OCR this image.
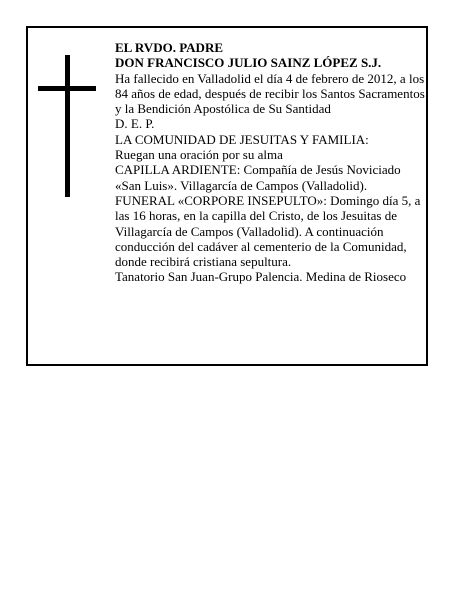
EL RVDO. PADRE
DON FRANCISCO JULIO SAINZ LÓPEZ S.J.
Ha fallecido en Valladolid el día 4 de febrero de 2012, a los 84 años de edad, después de recibir los Santos Sacramentos y la Bendición Apostólica de Su Santidad
D. E. P.
LA COMUNIDAD DE JESUITAS Y FAMILIA:
Ruegan una oración por su alma
CAPILLA ARDIENTE: Compañía de Jesús Noviciado «San Luis». Villagarcía de Campos (Valladolid).
FUNERAL «CORPORE INSEPULTO»: Domingo día 5, a las 16 horas, en la capilla del Cristo, de los Jesuitas de Villagarcía de Campos (Valladolid). A continuación conducción del cadáver al cementerio de la Comunidad, donde recibirá cristiana sepultura.
Tanatorio San Juan-Grupo Palencia. Medina de Rioseco
